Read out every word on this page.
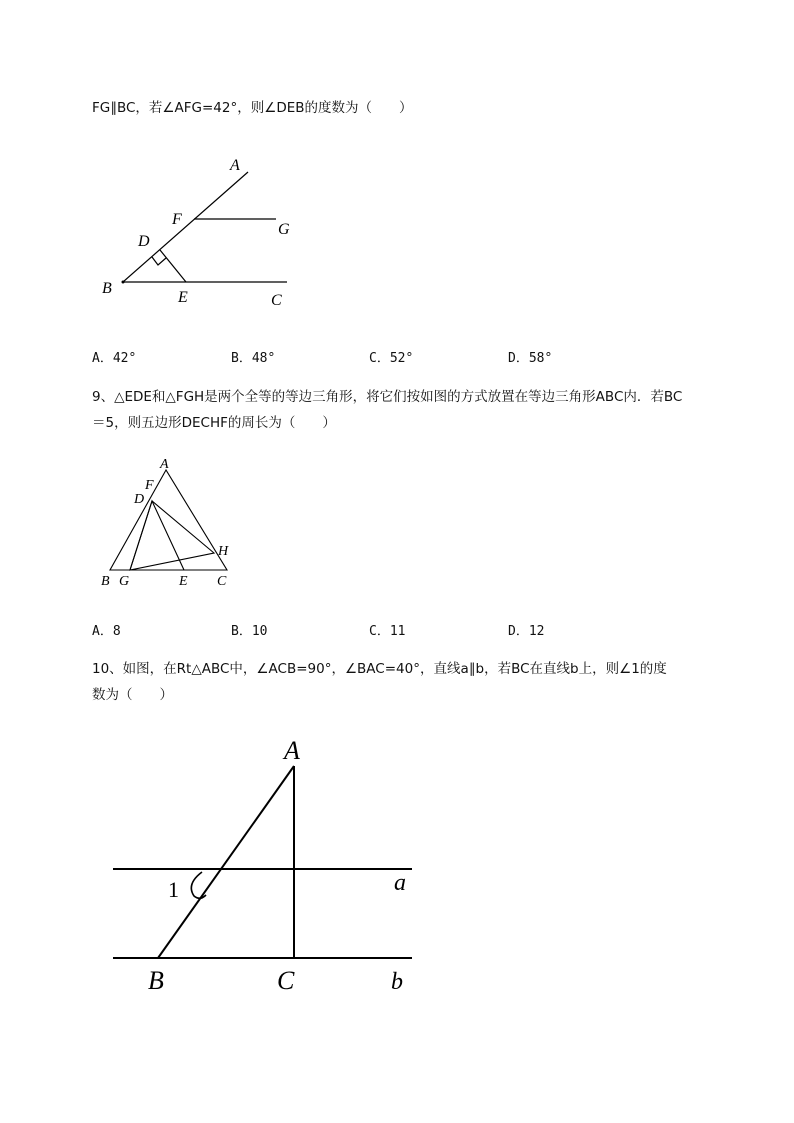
FG∥BC，若∠AFG=42°，则∠DEB的度数为（　　）
A
F
G
D
B
E	C
A．42°	B．48°	C．52°	D．58°
9、△EDE和△FGH是两个全等的等边三角形，将它们按如图的方式放置在等边三角形ABC内．若BC
＝5，则五边形DECHF的周长为（　　）
A
F
D
H
B G	E C
A．8	B．10	C．11	D．12
10、如图，在Rt△ABC中，∠ACB=90°，∠BAC=40°，直线a∥b，若BC在直线b上，则∠1的度
数为（　　）
A
1	a
B	C	b
